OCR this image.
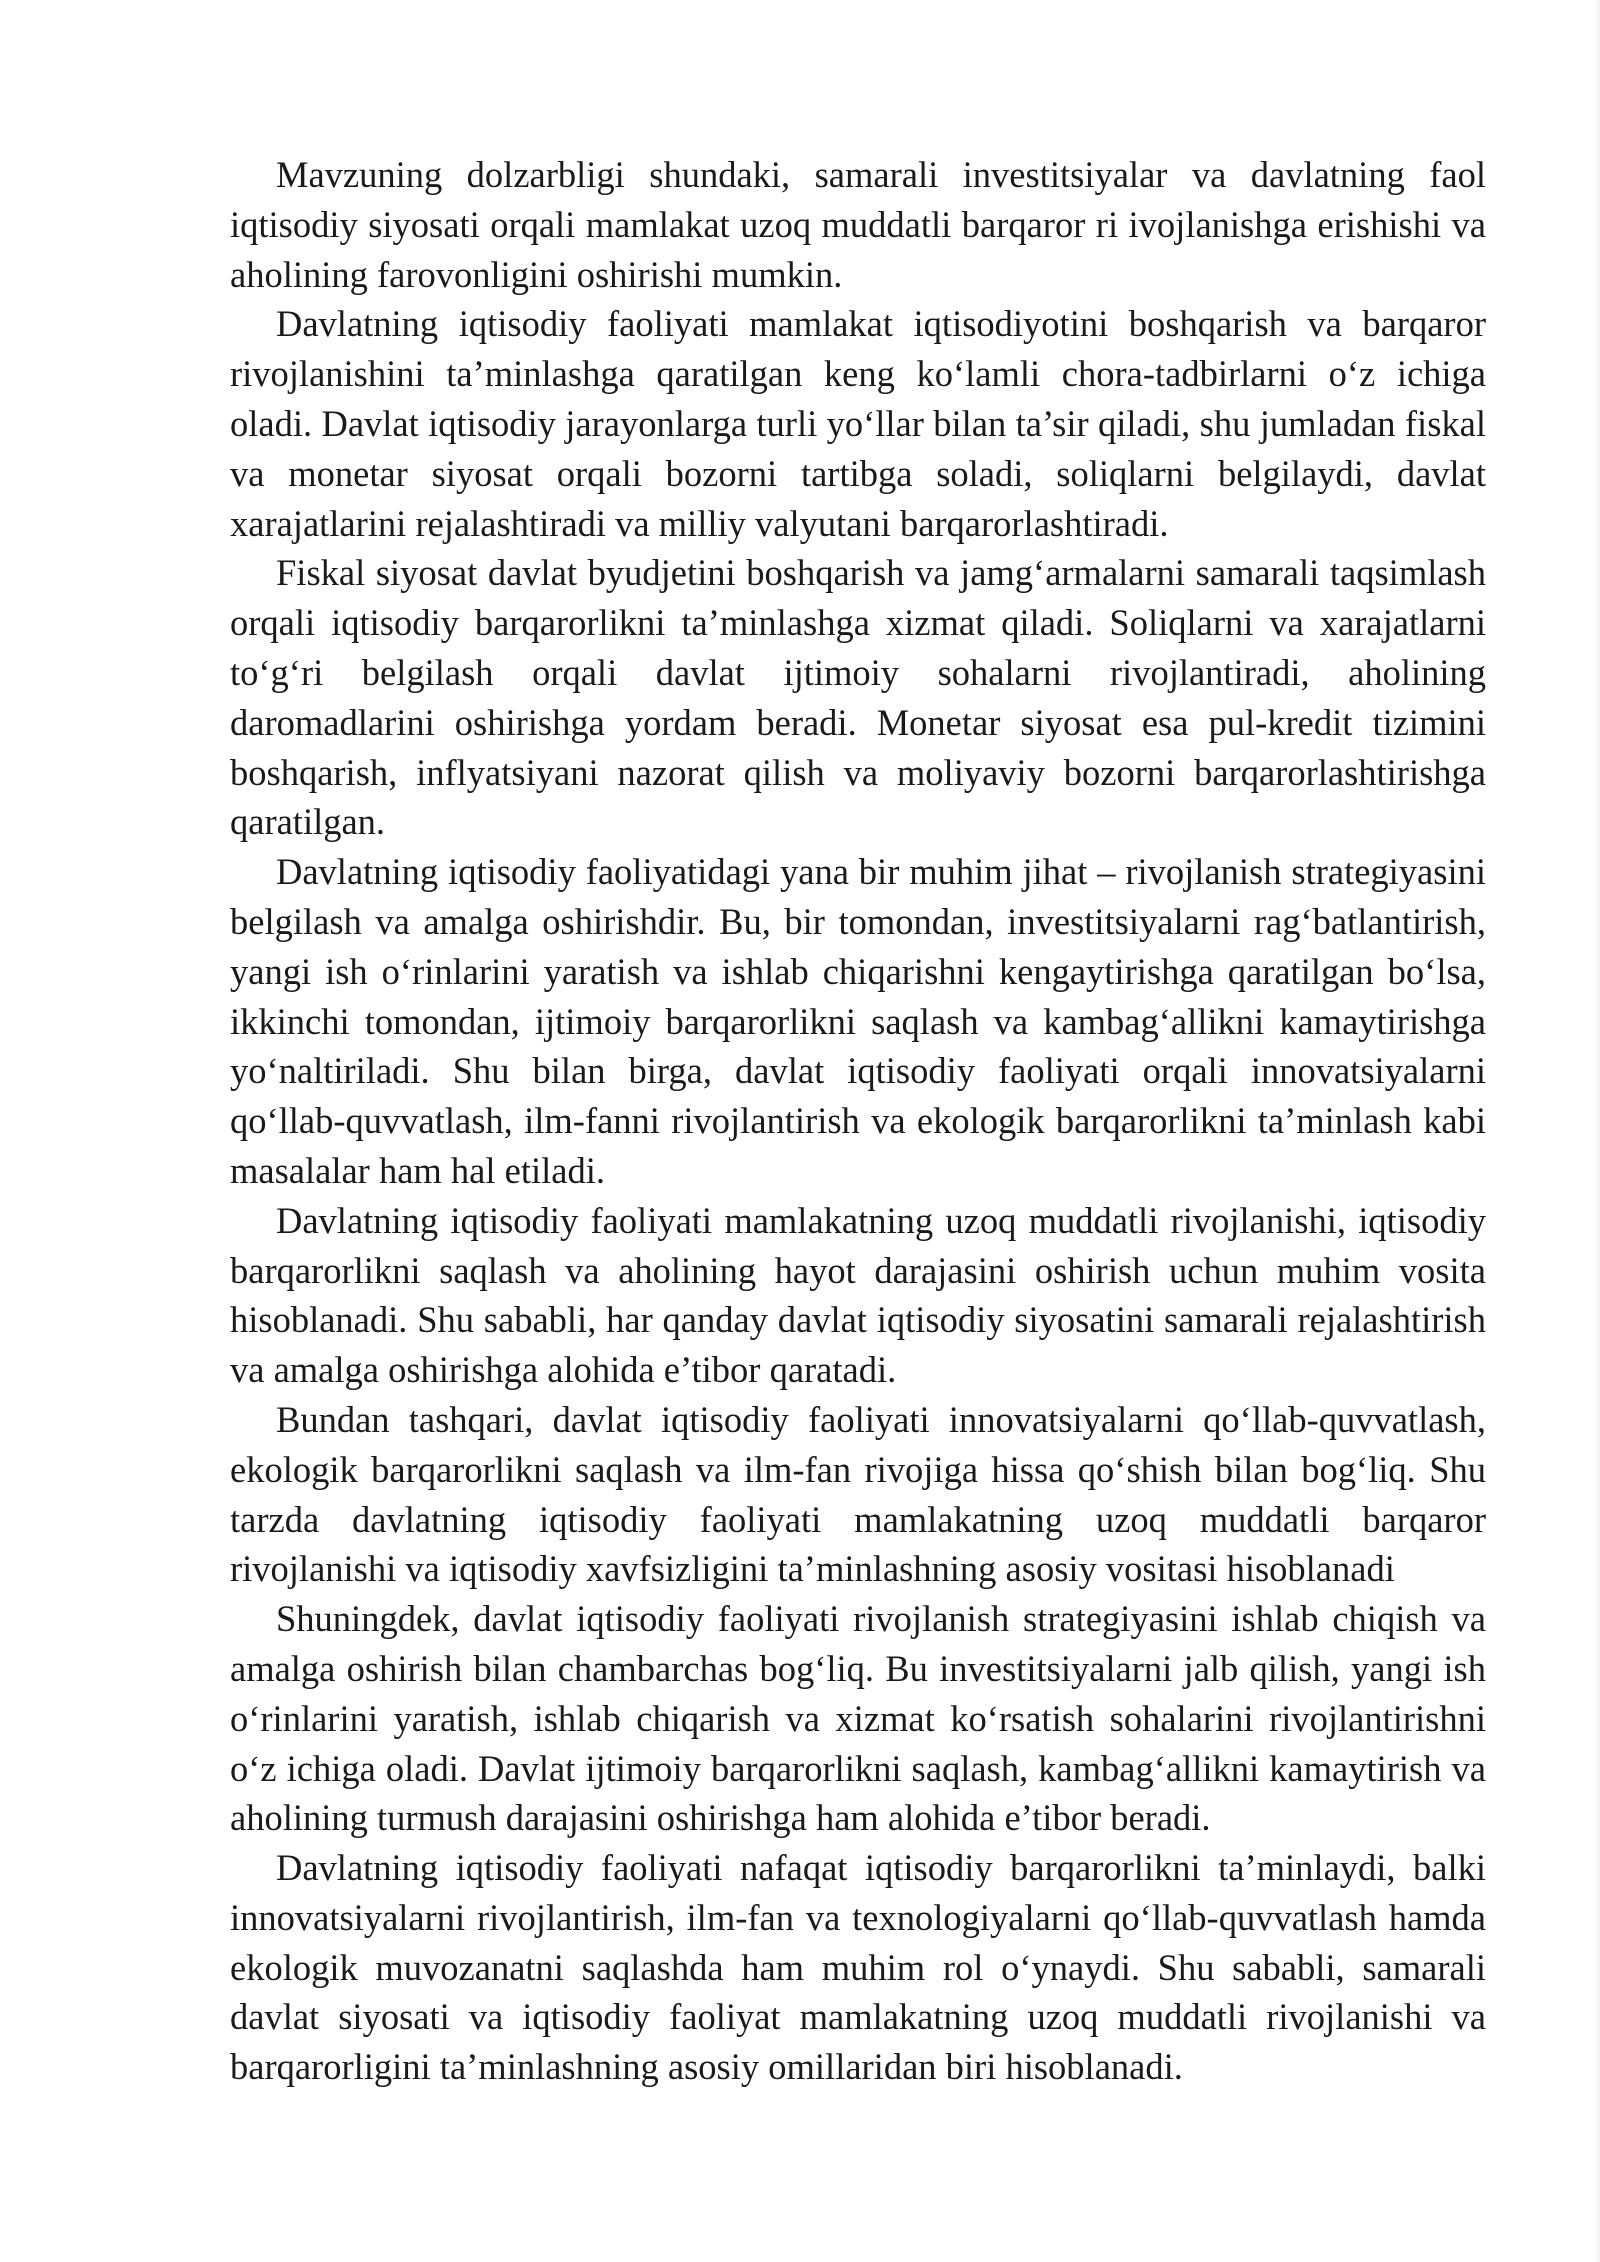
Mavzuning dolzarbligi shundaki, samarali investitsiyalar va davlatning faol iqtisodiy siyosati orqali mamlakat uzoq muddatli barqaror ri ivojlanishga erishishi va aholining farovonligini oshirishi mumkin.

Davlatning iqtisodiy faoliyati mamlakat iqtisodiyotini boshqarish va barqaror rivojlanishini ta’minlashga qaratilgan keng ko‘lamli chora-tadbirlarni o‘z ichiga oladi. Davlat iqtisodiy jarayonlarga turli yo‘llar bilan ta’sir qiladi, shu jumladan fiskal va monetar siyosat orqali bozorni tartibga soladi, soliqlarni belgilaydi, davlat xarajatlarini rejalashtiradi va milliy valyutani barqarorlashtiradi.

Fiskal siyosat davlat byudjetini boshqarish va jamg‘armalarni samarali taqsimlash orqali iqtisodiy barqarorlikni ta’minlashga xizmat qiladi. Soliqlarni va xarajatlarni to‘g‘ri belgilash orqali davlat ijtimoiy sohalarni rivojlantiradi, aholining daromadlarini oshirishga yordam beradi. Monetar siyosat esa pul-kredit tizimini boshqarish, inflyatsiyani nazorat qilish va moliyaviy bozorni barqarorlashtirishga qaratilgan.

Davlatning iqtisodiy faoliyatidagi yana bir muhim jihat – rivojlanish strategiyasini belgilash va amalga oshirishdir. Bu, bir tomondan, investitsiyalarni rag‘batlantirish, yangi ish o‘rinlarini yaratish va ishlab chiqarishni kengaytirishga qaratilgan bo‘lsa, ikkinchi tomondan, ijtimoiy barqarorlikni saqlash va kambag‘allikni kamaytirishga yo‘naltiriladi. Shu bilan birga, davlat iqtisodiy faoliyati orqali innovatsiyalarni qo‘llab-quvvatlash, ilm-fanni rivojlantirish va ekologik barqarorlikni ta’minlash kabi masalalar ham hal etiladi.

Davlatning iqtisodiy faoliyati mamlakatning uzoq muddatli rivojlanishi, iqtisodiy barqarorlikni saqlash va aholining hayot darajasini oshirish uchun muhim vosita hisoblanadi. Shu sababli, har qanday davlat iqtisodiy siyosatini samarali rejalashtirish va amalga oshirishga alohida e’tibor qaratadi.

Bundan tashqari, davlat iqtisodiy faoliyati innovatsiyalarni qo‘llab-quvvatlash, ekologik barqarorlikni saqlash va ilm-fan rivojiga hissa qo‘shish bilan bog‘liq. Shu tarzda davlatning iqtisodiy faoliyati mamlakatning uzoq muddatli barqaror rivojlanishi va iqtisodiy xavfsizligini ta’minlashning asosiy vositasi hisoblanadi

Shuningdek, davlat iqtisodiy faoliyati rivojlanish strategiyasini ishlab chiqish va amalga oshirish bilan chambarchas bog‘liq. Bu investitsiyalarni jalb qilish, yangi ish o‘rinlarini yaratish, ishlab chiqarish va xizmat ko‘rsatish sohalarini rivojlantirishni o‘z ichiga oladi. Davlat ijtimoiy barqarorlikni saqlash, kambag‘allikni kamaytirish va aholining turmush darajasini oshirishga ham alohida e’tibor beradi.

Davlatning iqtisodiy faoliyati nafaqat iqtisodiy barqarorlikni ta’minlaydi, balki innovatsiyalarni rivojlantirish, ilm-fan va texnologiyalarni qo‘llab-quvvatlash hamda ekologik muvozanatni saqlashda ham muhim rol o‘ynaydi. Shu sababli, samarali davlat siyosati va iqtisodiy faoliyat mamlakatning uzoq muddatli rivojlanishi va barqarorligini ta’minlashning asosiy omillaridan biri hisoblanadi.
